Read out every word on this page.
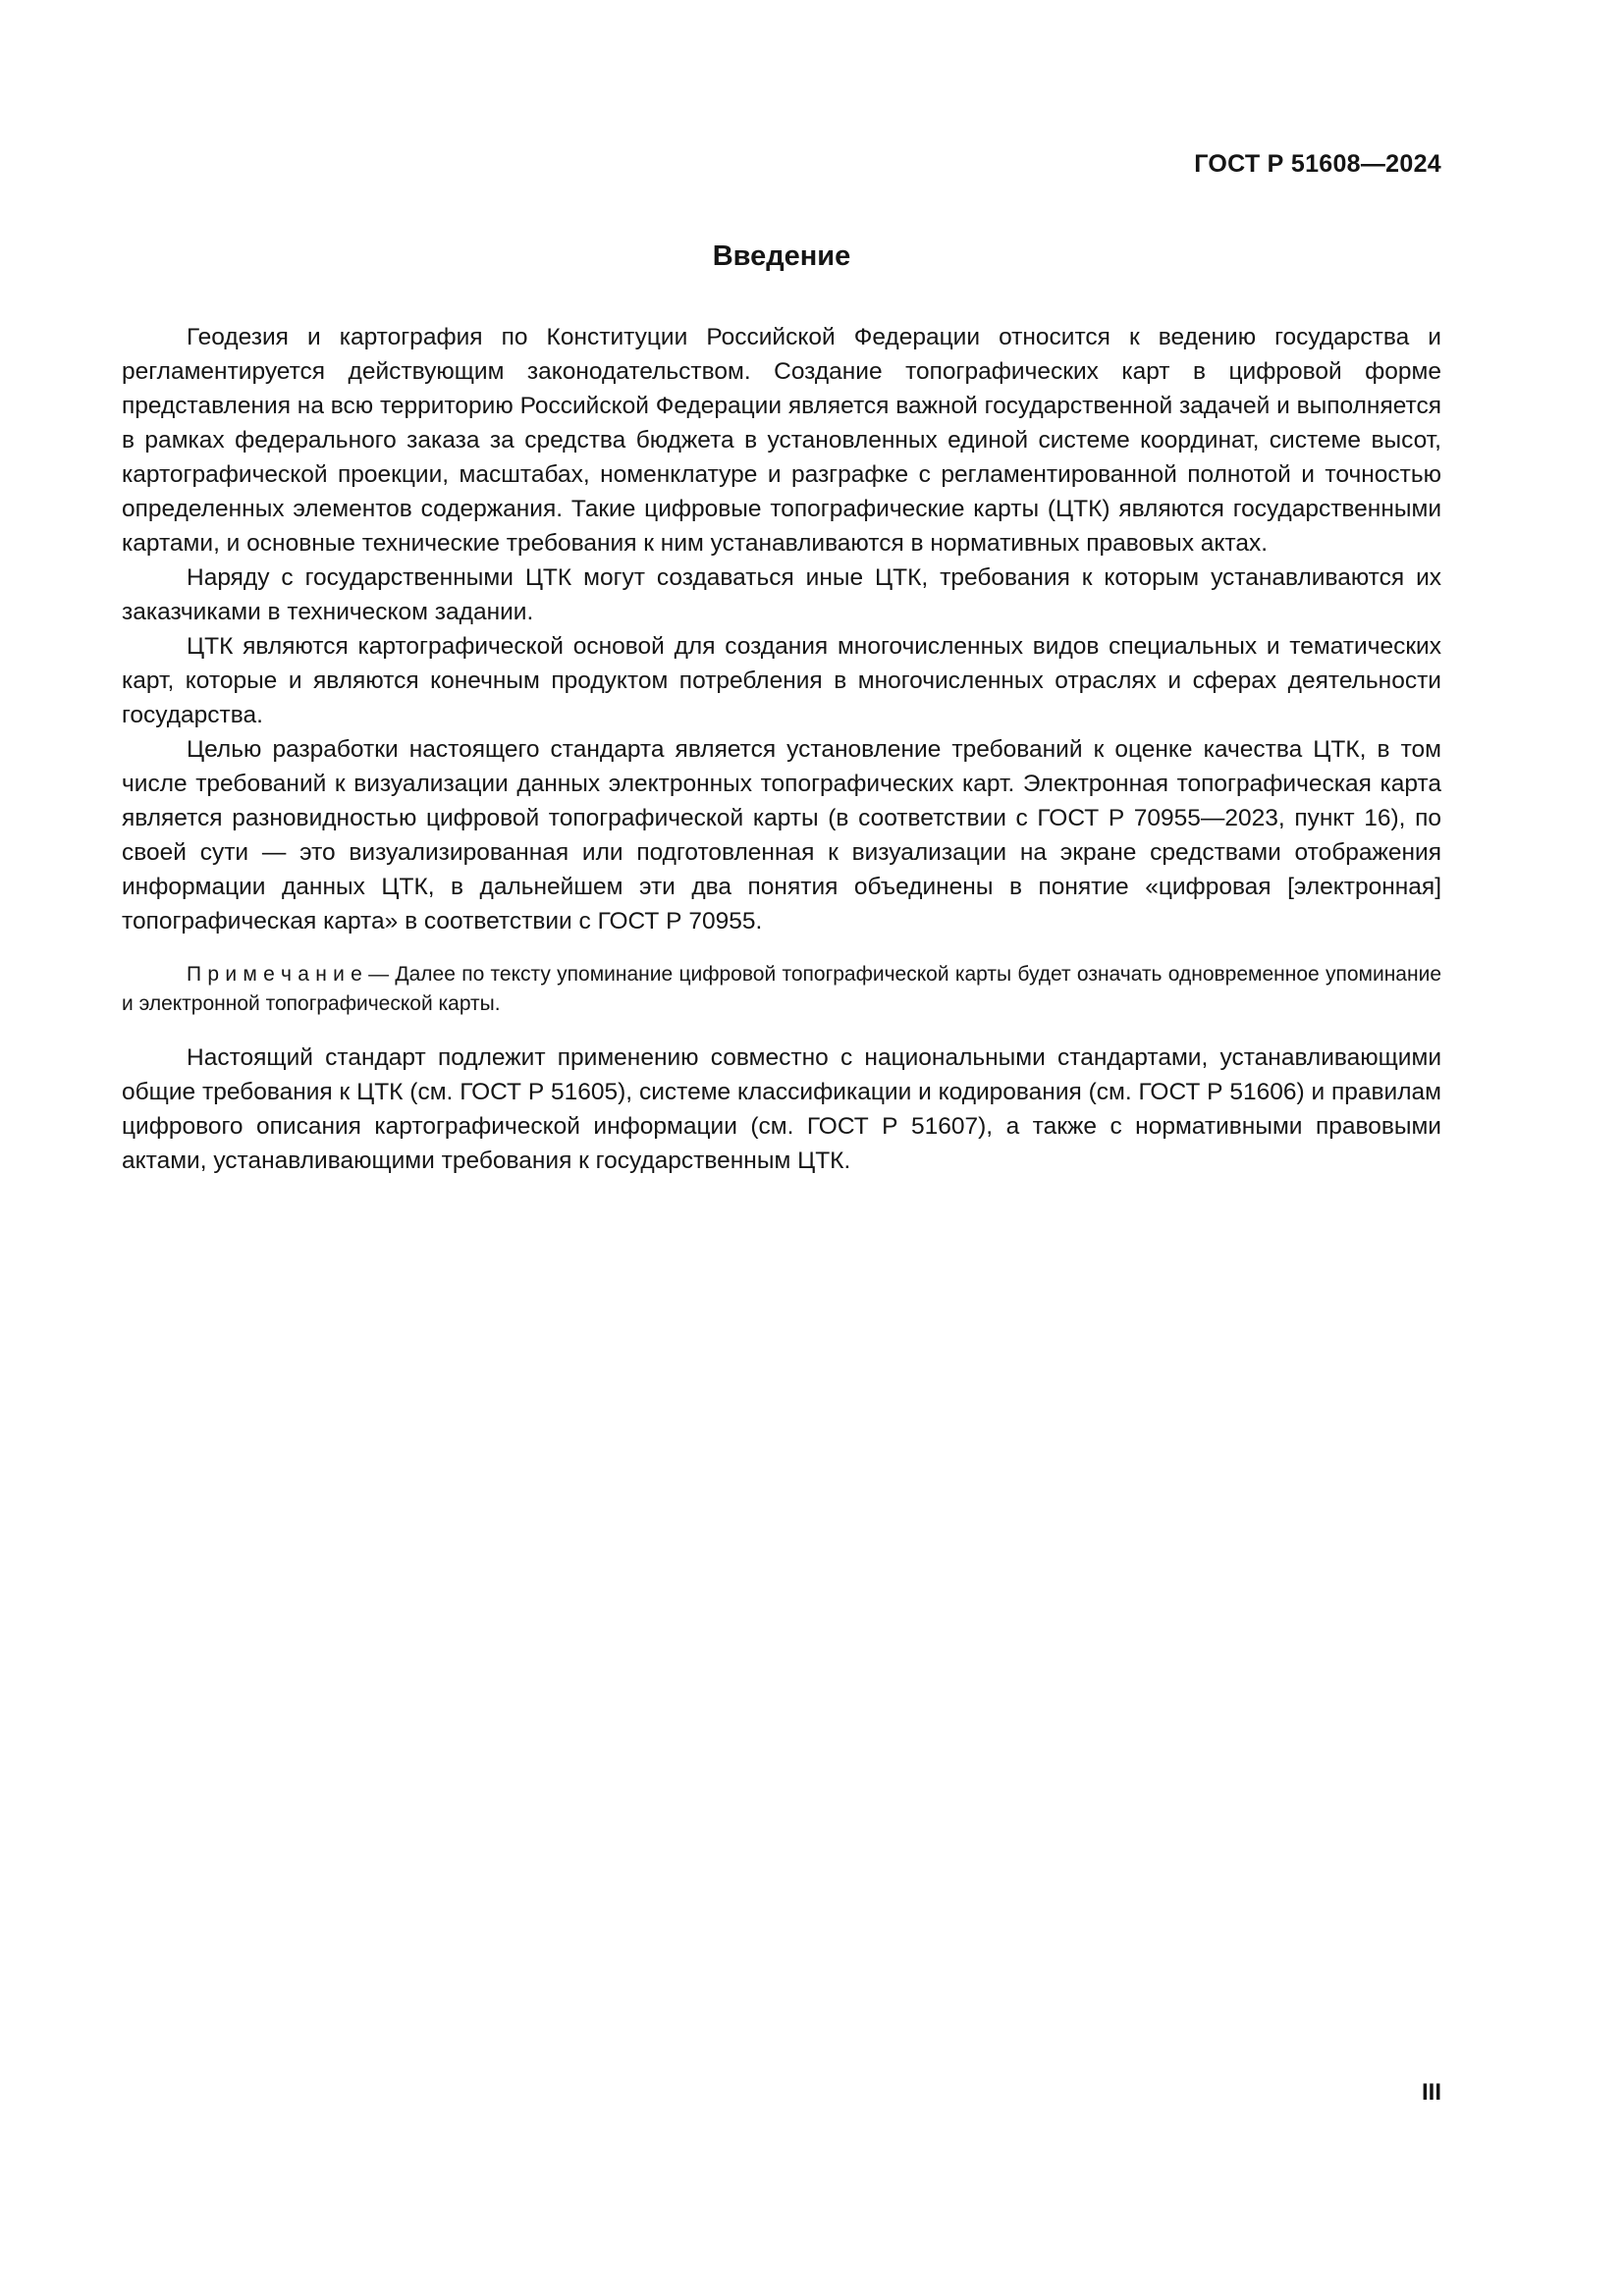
ГОСТ Р 51608—2024
Введение

Геодезия и картография по Конституции Российской Федерации относится к ведению государства и регламентируется действующим законодательством. Создание топографических карт в цифровой форме представления на всю территорию Российской Федерации является важной государственной задачей и выполняется в рамках федерального заказа за средства бюджета в установленных единой системе координат, системе высот, картографической проекции, масштабах, номенклатуре и разграфке с регламентированной полнотой и точностью определенных элементов содержания. Такие цифровые топографические карты (ЦТК) являются государственными картами, и основные технические требования к ним устанавливаются в нормативных правовых актах.

Наряду с государственными ЦТК могут создаваться иные ЦТК, требования к которым устанавливаются их заказчиками в техническом задании.

ЦТК являются картографической основой для создания многочисленных видов специальных и тематических карт, которые и являются конечным продуктом потребления в многочисленных отраслях и сферах деятельности государства.

Целью разработки настоящего стандарта является установление требований к оценке качества ЦТК, в том числе требований к визуализации данных электронных топографических карт. Электронная топографическая карта является разновидностью цифровой топографической карты (в соответствии с ГОСТ Р 70955—2023, пункт 16), по своей сути — это визуализированная или подготовленная к визуализации на экране средствами отображения информации данных ЦТК, в дальнейшем эти два понятия объединены в понятие «цифровая [электронная] топографическая карта» в соответствии с ГОСТ Р 70955.

П р и м е ч а н и е — Далее по тексту упоминание цифровой топографической карты будет означать одновременное упоминание и электронной топографической карты.

Настоящий стандарт подлежит применению совместно с национальными стандартами, устанавливающими общие требования к ЦТК (см. ГОСТ Р 51605), системе классификации и кодирования (см. ГОСТ Р 51606) и правилам цифрового описания картографической информации (см. ГОСТ Р 51607), а также с нормативными правовыми актами, устанавливающими требования к государственным ЦТК.

III
